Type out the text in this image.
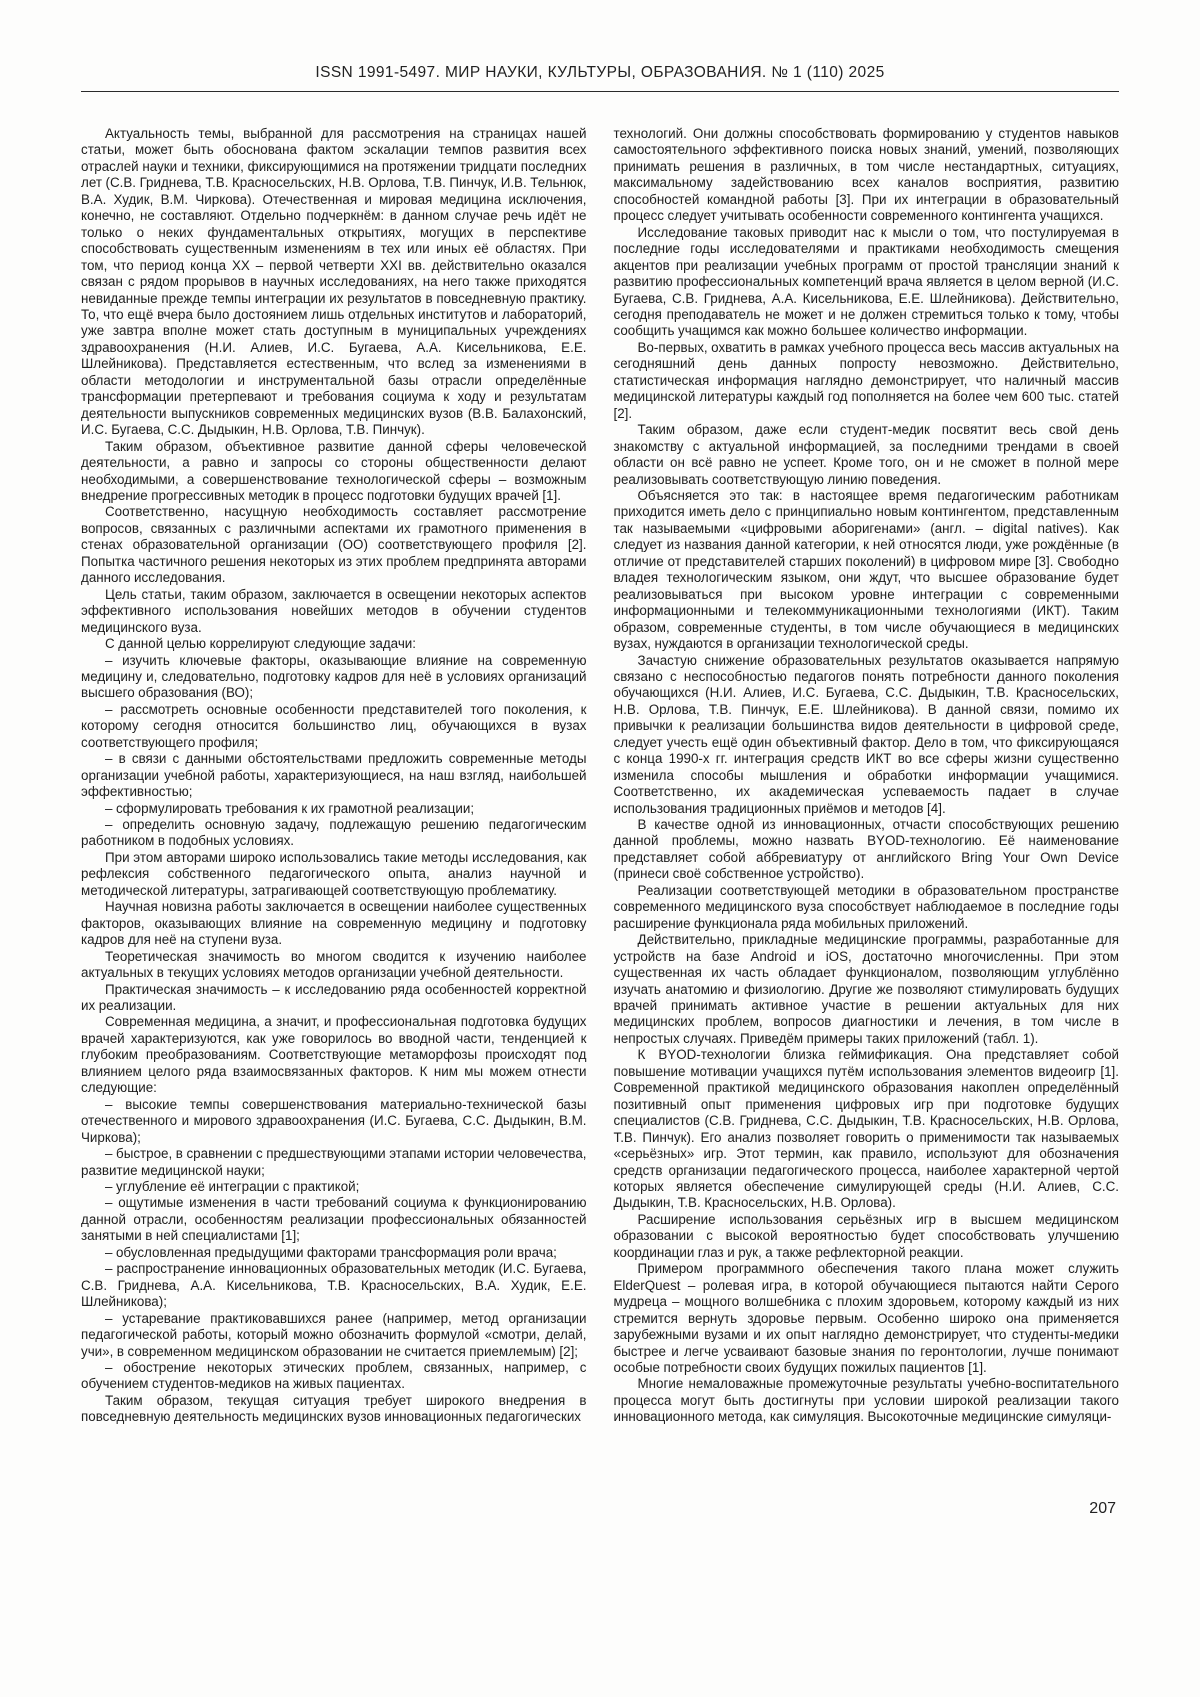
ISSN 1991-5497. МИР НАУКИ, КУЛЬТУРЫ, ОБРАЗОВАНИЯ. № 1 (110) 2025

Актуальность темы, выбранной для рассмотрения на страницах нашей статьи, может быть обоснована фактом эскалации темпов развития всех отраслей науки и техники, фиксирующимися на протяжении тридцати последних лет (С.В. Гриднева, Т.В. Красносельских, Н.В. Орлова, Т.В. Пинчук, И.В. Тельнюк, В.А. Худик, В.М. Чиркова). Отечественная и мировая медицина исключения, конечно, не составляют. Отдельно подчеркнём: в данном случае речь идёт не только о неких фундаментальных открытиях, могущих в перспективе способствовать существенным изменениям в тех или иных её областях. При том, что период конца XX – первой четверти XXI вв. действительно оказался связан с рядом прорывов в научных исследованиях, на него также приходятся невиданные прежде темпы интеграции их результатов в повседневную практику. То, что ещё вчера было достоянием лишь отдельных институтов и лабораторий, уже завтра вполне может стать доступным в муниципальных учреждениях здравоохранения (Н.И. Алиев, И.С. Бугаева, А.А. Кисельникова, Е.Е. Шлейникова). Представляется естественным, что вслед за изменениями в области методологии и инструментальной базы отрасли определённые трансформации претерпевают и требования социума к ходу и результатам деятельности выпускников современных медицинских вузов (В.В. Балахонский, И.С. Бугаева, С.С. Дыдыкин, Н.В. Орлова, Т.В. Пинчук).

Таким образом, объективное развитие данной сферы человеческой деятельности, а равно и запросы со стороны общественности делают необходимыми, а совершенствование технологической сферы – возможным внедрение прогрессивных методик в процесс подготовки будущих врачей [1].

Соответственно, насущную необходимость составляет рассмотрение вопросов, связанных с различными аспектами их грамотного применения в стенах образовательной организации (ОО) соответствующего профиля [2]. Попытка частичного решения некоторых из этих проблем предпринята авторами данного исследования.

Цель статьи, таким образом, заключается в освещении некоторых аспектов эффективного использования новейших методов в обучении студентов медицинского вуза.

С данной целью коррелируют следующие задачи:

– изучить ключевые факторы, оказывающие влияние на современную медицину и, следовательно, подготовку кадров для неё в условиях организаций высшего образования (ВО);

– рассмотреть основные особенности представителей того поколения, к которому сегодня относится большинство лиц, обучающихся в вузах соответствующего профиля;

– в связи с данными обстоятельствами предложить современные методы организации учебной работы, характеризующиеся, на наш взгляд, наибольшей эффективностью;

– сформулировать требования к их грамотной реализации;

– определить основную задачу, подлежащую решению педагогическим работником в подобных условиях.

При этом авторами широко использовались такие методы исследования, как рефлексия собственного педагогического опыта, анализ научной и методической литературы, затрагивающей соответствующую проблематику.

Научная новизна работы заключается в освещении наиболее существенных факторов, оказывающих влияние на современную медицину и подготовку кадров для неё на ступени вуза.

Теоретическая значимость во многом сводится к изучению наиболее актуальных в текущих условиях методов организации учебной деятельности.

Практическая значимость – к исследованию ряда особенностей корректной их реализации.

Современная медицина, а значит, и профессиональная подготовка будущих врачей характеризуются, как уже говорилось во вводной части, тенденцией к глубоким преобразованиям. Соответствующие метаморфозы происходят под влиянием целого ряда взаимосвязанных факторов. К ним мы можем отнести следующие:

– высокие темпы совершенствования материально-технической базы отечественного и мирового здравоохранения (И.С. Бугаева, С.С. Дыдыкин, В.М. Чиркова);

– быстрое, в сравнении с предшествующими этапами истории человечества, развитие медицинской науки;

– углубление её интеграции с практикой;

– ощутимые изменения в части требований социума к функционированию данной отрасли, особенностям реализации профессиональных обязанностей занятыми в ней специалистами [1];

– обусловленная предыдущими факторами трансформация роли врача;

– распространение инновационных образовательных методик (И.С. Бугаева, С.В. Гриднева, А.А. Кисельникова, Т.В. Красносельских, В.А. Худик, Е.Е. Шлейникова);

– устаревание практиковавшихся ранее (например, метод организации педагогической работы, который можно обозначить формулой «смотри, делай, учи», в современном медицинском образовании не считается приемлемым) [2];

– обострение некоторых этических проблем, связанных, например, с обучением студентов-медиков на живых пациентах.

Таким образом, текущая ситуация требует широкого внедрения в повседневную деятельность медицинских вузов инновационных педагогических

технологий. Они должны способствовать формированию у студентов навыков самостоятельного эффективного поиска новых знаний, умений, позволяющих принимать решения в различных, в том числе нестандартных, ситуациях, максимальному задействованию всех каналов восприятия, развитию способностей командной работы [3]. При их интеграции в образовательный процесс следует учитывать особенности современного контингента учащихся.

Исследование таковых приводит нас к мысли о том, что постулируемая в последние годы исследователями и практиками необходимость смещения акцентов при реализации учебных программ от простой трансляции знаний к развитию профессиональных компетенций врача является в целом верной (И.С. Бугаева, С.В. Гриднева, А.А. Кисельникова, Е.Е. Шлейникова). Действительно, сегодня преподаватель не может и не должен стремиться только к тому, чтобы сообщить учащимся как можно большее количество информации.

Во-первых, охватить в рамках учебного процесса весь массив актуальных на сегодняшний день данных попросту невозможно. Действительно, статистическая информация наглядно демонстрирует, что наличный массив медицинской литературы каждый год пополняется на более чем 600 тыс. статей [2].

Таким образом, даже если студент-медик посвятит весь свой день знакомству с актуальной информацией, за последними трендами в своей области он всё равно не успеет. Кроме того, он и не сможет в полной мере реализовывать соответствующую линию поведения.

Объясняется это так: в настоящее время педагогическим работникам приходится иметь дело с принципиально новым контингентом, представленным так называемыми «цифровыми аборигенами» (англ. – digital natives). Как следует из названия данной категории, к ней относятся люди, уже рождённые (в отличие от представителей старших поколений) в цифровом мире [3]. Свободно владея технологическим языком, они ждут, что высшее образование будет реализовываться при высоком уровне интеграции с современными информационными и телекоммуникационными технологиями (ИКТ). Таким образом, современные студенты, в том числе обучающиеся в медицинских вузах, нуждаются в организации технологической среды.

Зачастую снижение образовательных результатов оказывается напрямую связано с неспособностью педагогов понять потребности данного поколения обучающихся (Н.И. Алиев, И.С. Бугаева, С.С. Дыдыкин, Т.В. Красносельских, Н.В. Орлова, Т.В. Пинчук, Е.Е. Шлейникова). В данной связи, помимо их привычки к реализации большинства видов деятельности в цифровой среде, следует учесть ещё один объективный фактор. Дело в том, что фиксирующаяся с конца 1990-х гг. интеграция средств ИКТ во все сферы жизни существенно изменила способы мышления и обработки информации учащимися. Соответственно, их академическая успеваемость падает в случае использования традиционных приёмов и методов [4].

В качестве одной из инновационных, отчасти способствующих решению данной проблемы, можно назвать BYOD-технологию. Её наименование представляет собой аббревиатуру от английского Bring Your Own Device (принеси своё собственное устройство).

Реализации соответствующей методики в образовательном пространстве современного медицинского вуза способствует наблюдаемое в последние годы расширение функционала ряда мобильных приложений.

Действительно, прикладные медицинские программы, разработанные для устройств на базе Android и iOS, достаточно многочисленны. При этом существенная их часть обладает функционалом, позволяющим углублённо изучать анатомию и физиологию. Другие же позволяют стимулировать будущих врачей принимать активное участие в решении актуальных для них медицинских проблем, вопросов диагностики и лечения, в том числе в непростых случаях. Приведём примеры таких приложений (табл. 1).

К BYOD-технологии близка геймификация. Она представляет собой повышение мотивации учащихся путём использования элементов видеоигр [1]. Современной практикой медицинского образования накоплен определённый позитивный опыт применения цифровых игр при подготовке будущих специалистов (С.В. Гриднева, С.С. Дыдыкин, Т.В. Красносельских, Н.В. Орлова, Т.В. Пинчук). Его анализ позволяет говорить о применимости так называемых «серьёзных» игр. Этот термин, как правило, используют для обозначения средств организации педагогического процесса, наиболее характерной чертой которых является обеспечение симулирующей среды (Н.И. Алиев, С.С. Дыдыкин, Т.В. Красносельских, Н.В. Орлова).

Расширение использования серьёзных игр в высшем медицинском образовании с высокой вероятностью будет способствовать улучшению координации глаз и рук, а также рефлекторной реакции.

Примером программного обеспечения такого плана может служить ElderQuest – ролевая игра, в которой обучающиеся пытаются найти Серого мудреца – мощного волшебника с плохим здоровьем, которому каждый из них стремится вернуть здоровье первым. Особенно широко она применяется зарубежными вузами и их опыт наглядно демонстрирует, что студенты-медики быстрее и легче усваивают базовые знания по геронтологии, лучше понимают особые потребности своих будущих пожилых пациентов [1].

Многие немаловажные промежуточные результаты учебно-воспитательного процесса могут быть достигнуты при условии широкой реализации такого инновационного метода, как симуляция. Высокоточные медицинские симуляци-

207
